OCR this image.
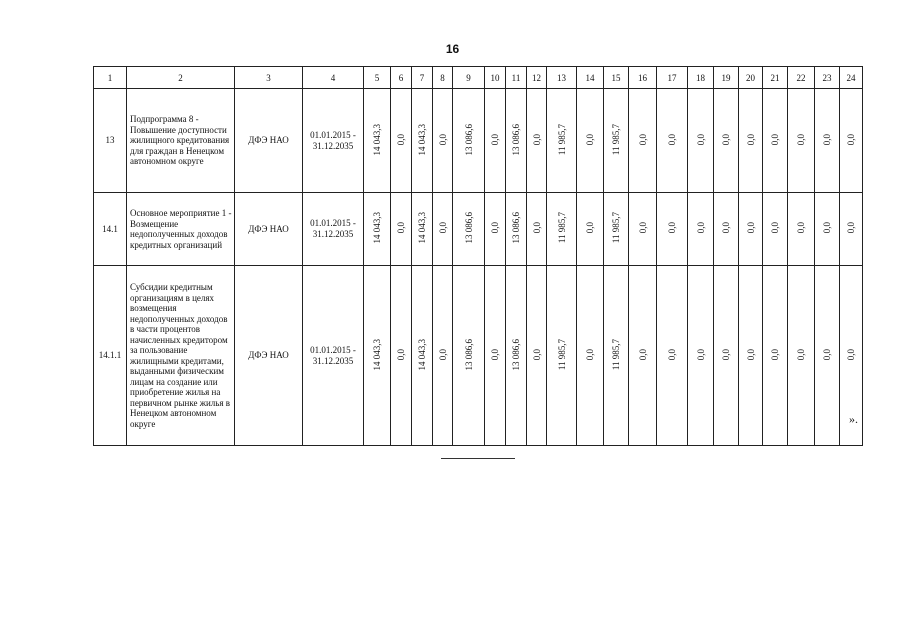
16
1	2	3	4	5	6	7	8	9	10	11	12	13	14	15	16	17	18	19	20	21	22	23	24
13	Подпрограмма 8 - Повышение доступности жилищного кредитования для граждан в Ненецком автономном округе	ДФЭ НАО	01.01.2015 - 31.12.2035	14 043,3	0,0	14 043,3	0,0	13 086,6	0,0	13 086,6	0,0	11 985,7	0,0	11 985,7	0,0	0,0	0,0	0,0	0,0	0,0	0,0	0,0	0,0
14.1	Основное мероприятие 1 - Возмещение недополученных доходов кредитных организаций	ДФЭ НАО	01.01.2015 - 31.12.2035	14 043,3	0,0	14 043,3	0,0	13 086,6	0,0	13 086,6	0,0	11 985,7	0,0	11 985,7	0,0	0,0	0,0	0,0	0,0	0,0	0,0	0,0	0,0
14.1.1	Субсидии кредитным организациям в целях возмещения недополученных доходов в части процентов начисленных кредитором за пользование жилищными кредитами, выданными физическим лицам на создание или приобретение жилья на первичном рынке жилья в Ненецком автономном округе	ДФЭ НАО	01.01.2015 - 31.12.2035	14 043,3	0,0	14 043,3	0,0	13 086,6	0,0	13 086,6	0,0	11 985,7	0,0	11 985,7	0,0	0,0	0,0	0,0	0,0	0,0	0,0	0,0	0,0
».
